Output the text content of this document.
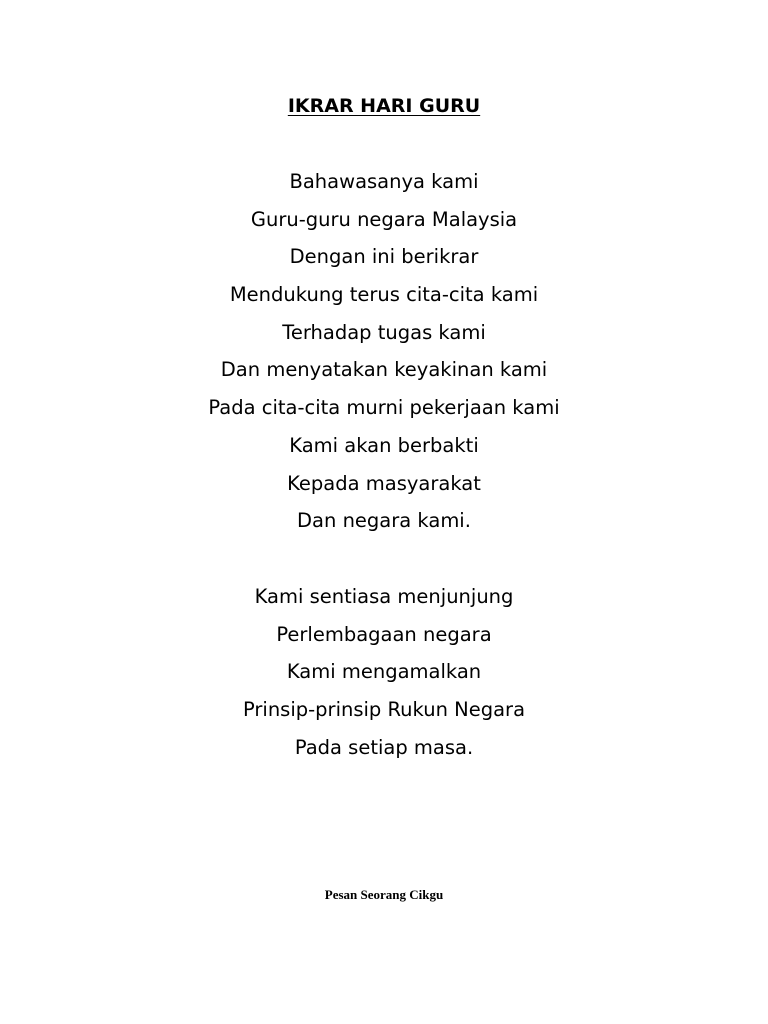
IKRAR HARI GURU
Bahawasanya kami
Guru-guru negara Malaysia
Dengan ini berikrar
Mendukung terus cita-cita kami
Terhadap tugas kami
Dan menyatakan keyakinan kami
Pada cita-cita murni pekerjaan kami
Kami akan berbakti
Kepada masyarakat
Dan negara kami.
Kami sentiasa menjunjung
Perlembagaan negara
Kami mengamalkan
Prinsip-prinsip Rukun Negara
Pada setiap masa.

Pesan Seorang Cikgu
